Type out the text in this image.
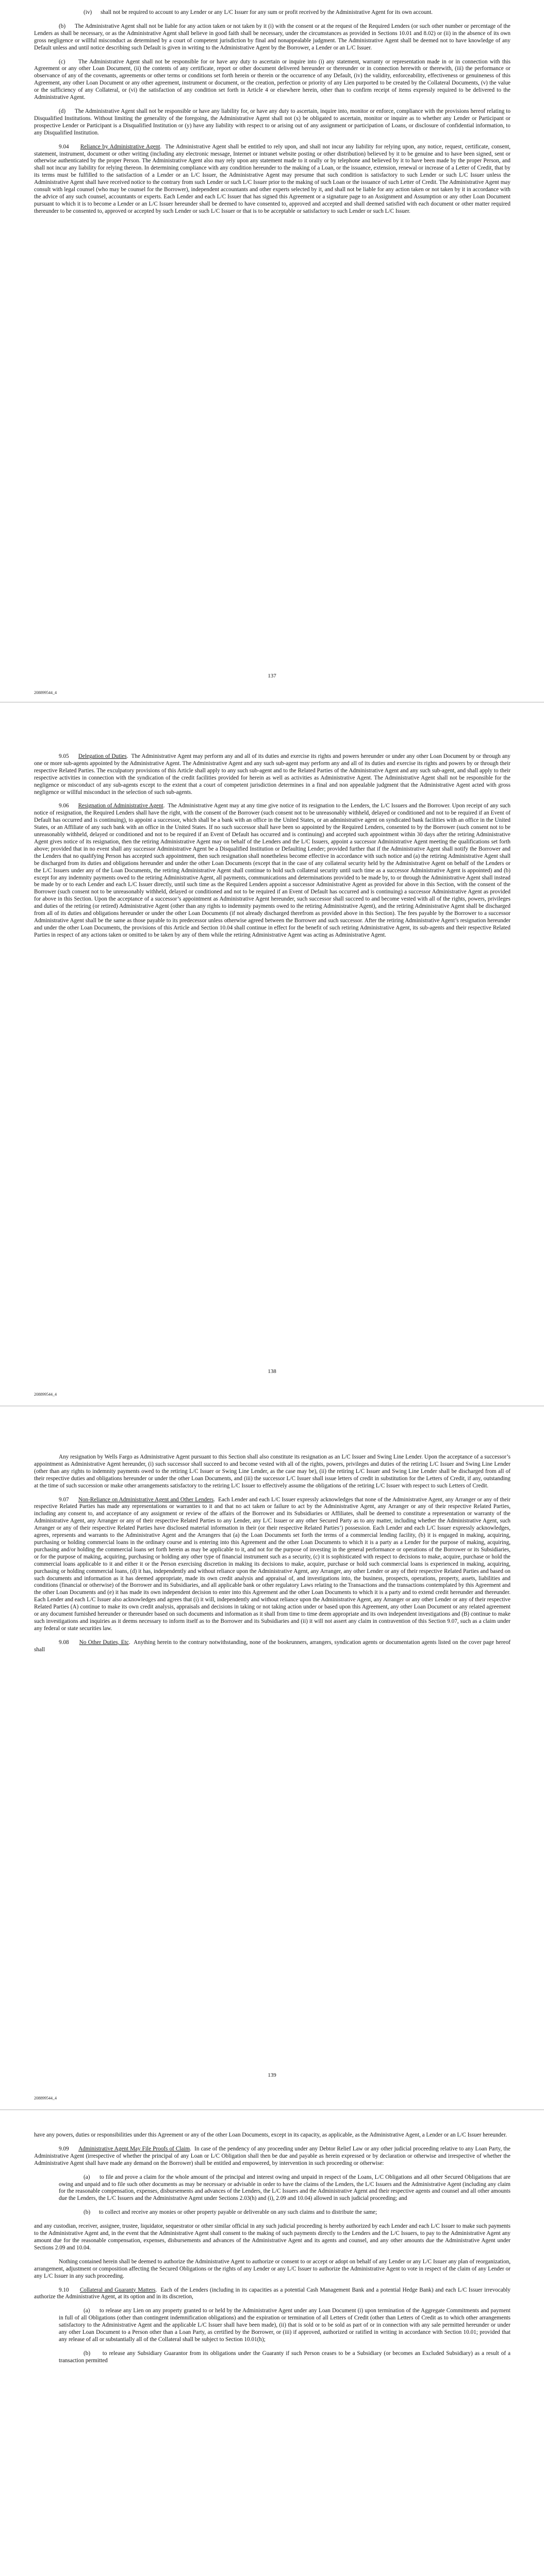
(iv) shall not be required to account to any Lender or any L/C Issuer for any sum or profit received by the Administrative Agent for its own account.

(b) The Administrative Agent shall not be liable for any action taken or not taken by it (i) with the consent or at the request of the Required Lenders (or such other number or percentage of the Lenders as shall be necessary, or as the Administrative Agent shall believe in good faith shall be necessary, under the circumstances as provided in Sections 10.01 and 8.02) or (ii) in the absence of its own gross negligence or willful misconduct as determined by a court of competent jurisdiction by final and nonappealable judgment. The Administrative Agent shall be deemed not to have knowledge of any Default unless and until notice describing such Default is given in writing to the Administrative Agent by the Borrower, a Lender or an L/C Issuer.

(c) The Administrative Agent shall not be responsible for or have any duty to ascertain or inquire into (i) any statement, warranty or representation made in or in connection with this Agreement or any other Loan Document, (ii) the contents of any certificate, report or other document delivered hereunder or thereunder or in connection herewith or therewith, (iii) the performance or observance of any of the covenants, agreements or other terms or conditions set forth herein or therein or the occurrence of any Default, (iv) the validity, enforceability, effectiveness or genuineness of this Agreement, any other Loan Document or any other agreement, instrument or document, or the creation, perfection or priority of any Lien purported to be created by the Collateral Documents, (v) the value or the sufficiency of any Collateral, or (vi) the satisfaction of any condition set forth in Article 4 or elsewhere herein, other than to confirm receipt of items expressly required to be delivered to the Administrative Agent.

(d) The Administrative Agent shall not be responsible or have any liability for, or have any duty to ascertain, inquire into, monitor or enforce, compliance with the provisions hereof relating to Disqualified Institutions. Without limiting the generality of the foregoing, the Administrative Agent shall not (x) be obligated to ascertain, monitor or inquire as to whether any Lender or Participant or prospective Lender or Participant is a Disqualified Institution or (y) have any liability with respect to or arising out of any assignment or participation of Loans, or disclosure of confidential information, to any Disqualified Institution.

9.04 Reliance by Administrative Agent.  The Administrative Agent shall be entitled to rely upon, and shall not incur any liability for relying upon, any notice, request, certificate, consent, statement, instrument, document or other writing (including any electronic message, Internet or intranet website posting or other distribution) believed by it to be genuine and to have been signed, sent or otherwise authenticated by the proper Person. The Administrative Agent also may rely upon any statement made to it orally or by telephone and believed by it to have been made by the proper Person, and shall not incur any liability for relying thereon. In determining compliance with any condition hereunder to the making of a Loan, or the issuance, extension, renewal or increase of a Letter of Credit, that by its terms must be fulfilled to the satisfaction of a Lender or an L/C Issuer, the Administrative Agent may presume that such condition is satisfactory to such Lender or such L/C Issuer unless the Administrative Agent shall have received notice to the contrary from such Lender or such L/C Issuer prior to the making of such Loan or the issuance of such Letter of Credit. The Administrative Agent may consult with legal counsel (who may be counsel for the Borrower), independent accountants and other experts selected by it, and shall not be liable for any action taken or not taken by it in accordance with the advice of any such counsel, accountants or experts. Each Lender and each L/C Issuer that has signed this Agreement or a signature page to an Assignment and Assumption or any other Loan Document pursuant to which it is to become a Lender or an L/C Issuer hereunder shall be deemed to have consented to, approved and accepted and shall deemed satisfied with each document or other matter required thereunder to be consented to, approved or accepted by such Lender or such L/C Issuer or that is to be acceptable or satisfactory to such Lender or such L/C Issuer.

137
208899544_4

9.05 Delegation of Duties.  The Administrative Agent may perform any and all of its duties and exercise its rights and powers hereunder or under any other Loan Document by or through any one or more sub-agents appointed by the Administrative Agent. The Administrative Agent and any such sub-agent may perform any and all of its duties and exercise its rights and powers by or through their respective Related Parties. The exculpatory provisions of this Article shall apply to any such sub-agent and to the Related Parties of the Administrative Agent and any such sub-agent, and shall apply to their respective activities in connection with the syndication of the credit facilities provided for herein as well as activities as Administrative Agent. The Administrative Agent shall not be responsible for the negligence or misconduct of any sub-agents except to the extent that a court of competent jurisdiction determines in a final and non appealable judgment that the Administrative Agent acted with gross negligence or willful misconduct in the selection of such sub-agents.

9.06 Resignation of Administrative Agent.  The Administrative Agent may at any time give notice of its resignation to the Lenders, the L/C Issuers and the Borrower. Upon receipt of any such notice of resignation, the Required Lenders shall have the right, with the consent of the Borrower (such consent not to be unreasonably withheld, delayed or conditioned and not to be required if an Event of Default has occurred and is continuing), to appoint a successor, which shall be a bank with an office in the United States, or an administrative agent on syndicated bank facilities with an office in the United States, or an Affiliate of any such bank with an office in the United States. If no such successor shall have been so appointed by the Required Lenders, consented to by the Borrower (such consent not to be unreasonably withheld, delayed or conditioned and not to be required if an Event of Default has occurred and is continuing) and accepted such appointment within 30 days after the retiring Administrative Agent gives notice of its resignation, then the retiring Administrative Agent may on behalf of the Lenders and the L/C Issuers, appoint a successor Administrative Agent meeting the qualifications set forth above; provided that in no event shall any successor Administrative Agent be a Disqualified Institution or Defaulting Lender; provided further that if the Administrative Agent shall notify the Borrower and the Lenders that no qualifying Person has accepted such appointment, then such resignation shall nonetheless become effective in accordance with such notice and (a) the retiring Administrative Agent shall be discharged from its duties and obligations hereunder and under the other Loan Documents (except that in the case of any collateral security held by the Administrative Agent on behalf of the Lenders or the L/C Issuers under any of the Loan Documents, the retiring Administrative Agent shall continue to hold such collateral security until such time as a successor Administrative Agent is appointed) and (b) except for any indemnity payments owed to the retiring Administrative Agent, all payments, communications and determinations provided to be made by, to or through the Administrative Agent shall instead be made by or to each Lender and each L/C Issuer directly, until such time as the Required Lenders appoint a successor Administrative Agent as provided for above in this Section, with the consent of the Borrower (such consent not to be unreasonably withheld, delayed or conditioned and not to be required if an Event of Default has occurred and is continuing) a successor Administrative Agent as provided for above in this Section. Upon the acceptance of a successor’s appointment as Administrative Agent hereunder, such successor shall succeed to and become vested with all of the rights, powers, privileges and duties of the retiring (or retired) Administrative Agent (other than any rights to indemnity payments owed to the retiring Administrative Agent), and the retiring Administrative Agent shall be discharged from all of its duties and obligations hereunder or under the other Loan Documents (if not already discharged therefrom as provided above in this Section). The fees payable by the Borrower to a successor Administrative Agent shall be the same as those payable to its predecessor unless otherwise agreed between the Borrower and such successor. After the retiring Administrative Agent’s resignation hereunder and under the other Loan Documents, the provisions of this Article and Section 10.04 shall continue in effect for the benefit of such retiring Administrative Agent, its sub-agents and their respective Related Parties in respect of any actions taken or omitted to be taken by any of them while the retiring Administrative Agent was acting as Administrative Agent.

138
208899544_4

Any resignation by Wells Fargo as Administrative Agent pursuant to this Section shall also constitute its resignation as an L/C Issuer and Swing Line Lender. Upon the acceptance of a successor’s appointment as Administrative Agent hereunder, (i) such successor shall succeed to and become vested with all of the rights, powers, privileges and duties of the retiring L/C Issuer and Swing Line Lender (other than any rights to indemnity payments owed to the retiring L/C Issuer or Swing Line Lender, as the case may be), (ii) the retiring L/C Issuer and Swing Line Lender shall be discharged from all of their respective duties and obligations hereunder or under the other Loan Documents, and (iii) the successor L/C Issuer shall issue letters of credit in substitution for the Letters of Credit, if any, outstanding at the time of such succession or make other arrangements satisfactory to the retiring L/C Issuer to effectively assume the obligations of the retiring L/C Issuer with respect to such Letters of Credit.

9.07 Non-Reliance on Administrative Agent and Other Lenders.  Each Lender and each L/C Issuer expressly acknowledges that none of the Administrative Agent, any Arranger or any of their respective Related Parties has made any representations or warranties to it and that no act taken or failure to act by the Administrative Agent, any Arranger or any of their respective Related Parties, including any consent to, and acceptance of any assignment or review of the affairs of the Borrower and its Subsidiaries or Affiliates, shall be deemed to constitute a representation or warranty of the Administrative Agent, any Arranger or any of their respective Related Parties to any Lender, any L/C Issuer or any other Secured Party as to any matter, including whether the Administrative Agent, such Arranger or any of their respective Related Parties have disclosed material information in their (or their respective Related Parties’) possession. Each Lender and each L/C Issuer expressly acknowledges, agrees, represents and warrants to the Administrative Agent and the Arrangers that (a) the Loan Documents set forth the terms of a commercial lending facility, (b) it is engaged in making, acquiring, purchasing or holding commercial loans in the ordinary course and is entering into this Agreement and the other Loan Documents to which it is a party as a Lender for the purpose of making, acquiring, purchasing and/or holding the commercial loans set forth herein as may be applicable to it, and not for the purpose of investing in the general performance or operations of the Borrower or its Subsidiaries, or for the purpose of making, acquiring, purchasing or holding any other type of financial instrument such as a security, (c) it is sophisticated with respect to decisions to make, acquire, purchase or hold the commercial loans applicable to it and either it or the Person exercising discretion in making its decisions to make, acquire, purchase or hold such commercial loans is experienced in making, acquiring, purchasing or holding commercial loans, (d) it has, independently and without reliance upon the Administrative Agent, any Arranger, any other Lender or any of their respective Related Parties and based on such documents and information as it has deemed appropriate, made its own credit analysis and appraisal of, and investigations into, the business, prospects, operations, property, assets, liabilities and conditions (financial or otherwise) of the Borrower and its Subsidiaries, and all applicable bank or other regulatory Laws relating to the Transactions and the transactions contemplated by this Agreement and the other Loan Documents and (e) it has made its own independent decision to enter into this Agreement and the other Loan Documents to which it is a party and to extend credit hereunder and thereunder. Each Lender and each L/C Issuer also acknowledges and agrees that (i) it will, independently and without reliance upon the Administrative Agent, any Arranger or any other Lender or any of their respective Related Parties (A) continue to make its own credit analysis, appraisals and decisions in taking or not taking action under or based upon this Agreement, any other Loan Document or any related agreement or any document furnished hereunder or thereunder based on such documents and information as it shall from time to time deem appropriate and its own independent investigations and (B) continue to make such investigations and inquiries as it deems necessary to inform itself as to the Borrower and its Subsidiaries and (ii) it will not assert any claim in contravention of this Section 9.07, such as a claim under any federal or state securities law.

9.08 No Other Duties, Etc.  Anything herein to the contrary notwithstanding, none of the bookrunners, arrangers, syndication agents or documentation agents listed on the cover page hereof shall

139
208899544_4

have any powers, duties or responsibilities under this Agreement or any of the other Loan Documents, except in its capacity, as applicable, as the Administrative Agent, a Lender or an L/C Issuer hereunder.

9.09 Administrative Agent May File Proofs of Claim.  In case of the pendency of any proceeding under any Debtor Relief Law or any other judicial proceeding relative to any Loan Party, the Administrative Agent (irrespective of whether the principal of any Loan or L/C Obligation shall then be due and payable as herein expressed or by declaration or otherwise and irrespective of whether the Administrative Agent shall have made any demand on the Borrower) shall be entitled and empowered, by intervention in such proceeding or otherwise:

(a) to file and prove a claim for the whole amount of the principal and interest owing and unpaid in respect of the Loans, L/C Obligations and all other Secured Obligations that are owing and unpaid and to file such other documents as may be necessary or advisable in order to have the claims of the Lenders, the L/C Issuers and the Administrative Agent (including any claim for the reasonable compensation, expenses, disbursements and advances of the Lenders, the L/C Issuers and the Administrative Agent and their respective agents and counsel and all other amounts due the Lenders, the L/C Issuers and the Administrative Agent under Sections 2.03(h) and (i), 2.09 and 10.04) allowed in such judicial proceeding; and

(b) to collect and receive any monies or other property payable or deliverable on any such claims and to distribute the same;

and any custodian, receiver, assignee, trustee, liquidator, sequestrator or other similar official in any such judicial proceeding is hereby authorized by each Lender and each L/C Issuer to make such payments to the Administrative Agent and, in the event that the Administrative Agent shall consent to the making of such payments directly to the Lenders and the L/C Issuers, to pay to the Administrative Agent any amount due for the reasonable compensation, expenses, disbursements and advances of the Administrative Agent and its agents and counsel, and any other amounts due the Administrative Agent under Sections 2.09 and 10.04.

Nothing contained herein shall be deemed to authorize the Administrative Agent to authorize or consent to or accept or adopt on behalf of any Lender or any L/C Issuer any plan of reorganization, arrangement, adjustment or composition affecting the Secured Obligations or the rights of any Lender or any L/C Issuer to authorize the Administrative Agent to vote in respect of the claim of any Lender or any L/C Issuer in any such proceeding.

9.10 Collateral and Guaranty Matters.  Each of the Lenders (including in its capacities as a potential Cash Management Bank and a potential Hedge Bank) and each L/C Issuer irrevocably authorize the Administrative Agent, at its option and in its discretion,

(a) to release any Lien on any property granted to or held by the Administrative Agent under any Loan Document (i) upon termination of the Aggregate Commitments and payment in full of all Obligations (other than contingent indemnification obligations) and the expiration or termination of all Letters of Credit (other than Letters of Credit as to which other arrangements satisfactory to the Administrative Agent and the applicable L/C Issuer shall have been made), (ii) that is sold or to be sold as part of or in connection with any sale permitted hereunder or under any other Loan Document to a Person other than a Loan Party, as certified by the Borrower, or (iii) if approved, authorized or ratified in writing in accordance with Section 10.01; provided that any release of all or substantially all of the Collateral shall be subject to Section 10.01(h);

(b) to release any Subsidiary Guarantor from its obligations under the Guaranty if such Person ceases to be a Subsidiary (or becomes an Excluded Subsidiary) as a result of a transaction permitted
